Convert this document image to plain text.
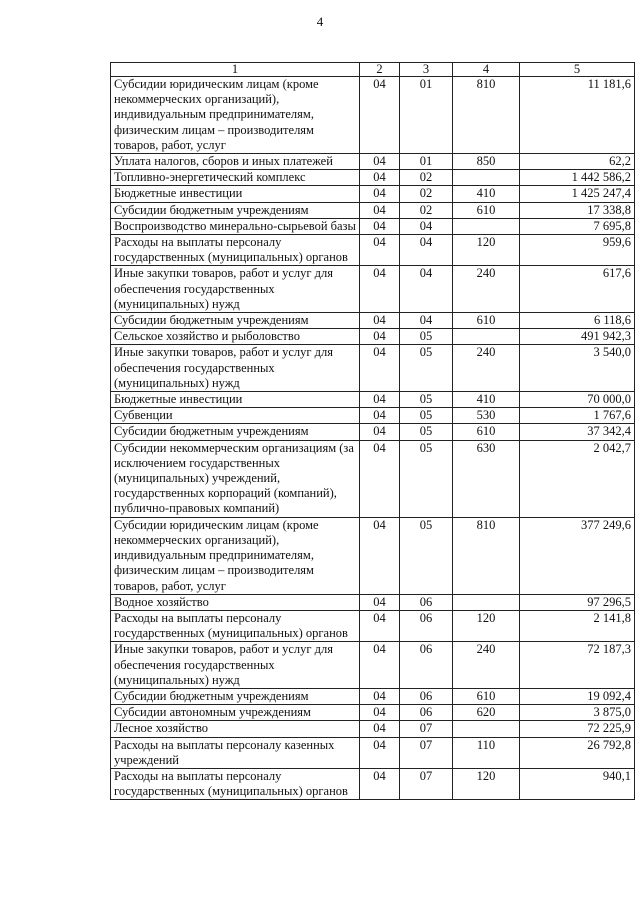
4
1	2	3	4	5
Субсидии юридическим лицам (кроме некоммерческих организаций), индивидуальным предпринимателям, физическим лицам – производителям товаров, работ, услуг	04	01	810	11 181,6
Уплата налогов, сборов и иных платежей	04	01	850	62,2
Топливно-энергетический комплекс	04	02		1 442 586,2
Бюджетные инвестиции	04	02	410	1 425 247,4
Субсидии бюджетным учреждениям	04	02	610	17 338,8
Воспроизводство минерально-сырьевой базы	04	04		7 695,8
Расходы на выплаты персоналу государственных (муниципальных) органов	04	04	120	959,6
Иные закупки товаров, работ и услуг для обеспечения государственных (муниципальных) нужд	04	04	240	617,6
Субсидии бюджетным учреждениям	04	04	610	6 118,6
Сельское хозяйство и рыболовство	04	05		491 942,3
Иные закупки товаров, работ и услуг для обеспечения государственных (муниципальных) нужд	04	05	240	3 540,0
Бюджетные инвестиции	04	05	410	70 000,0
Субвенции	04	05	530	1 767,6
Субсидии бюджетным учреждениям	04	05	610	37 342,4
Субсидии некоммерческим организациям (за исключением государственных (муниципальных) учреждений, государственных корпораций (компаний), публично-правовых компаний)	04	05	630	2 042,7
Субсидии юридическим лицам (кроме некоммерческих организаций), индивидуальным предпринимателям, физическим лицам – производителям товаров, работ, услуг	04	05	810	377 249,6
Водное хозяйство	04	06		97 296,5
Расходы на выплаты персоналу государственных (муниципальных) органов	04	06	120	2 141,8
Иные закупки товаров, работ и услуг для обеспечения государственных (муниципальных) нужд	04	06	240	72 187,3
Субсидии бюджетным учреждениям	04	06	610	19 092,4
Субсидии автономным учреждениям	04	06	620	3 875,0
Лесное хозяйство	04	07		72 225,9
Расходы на выплаты персоналу казенных учреждений	04	07	110	26 792,8
Расходы на выплаты персоналу государственных (муниципальных) органов	04	07	120	940,1
